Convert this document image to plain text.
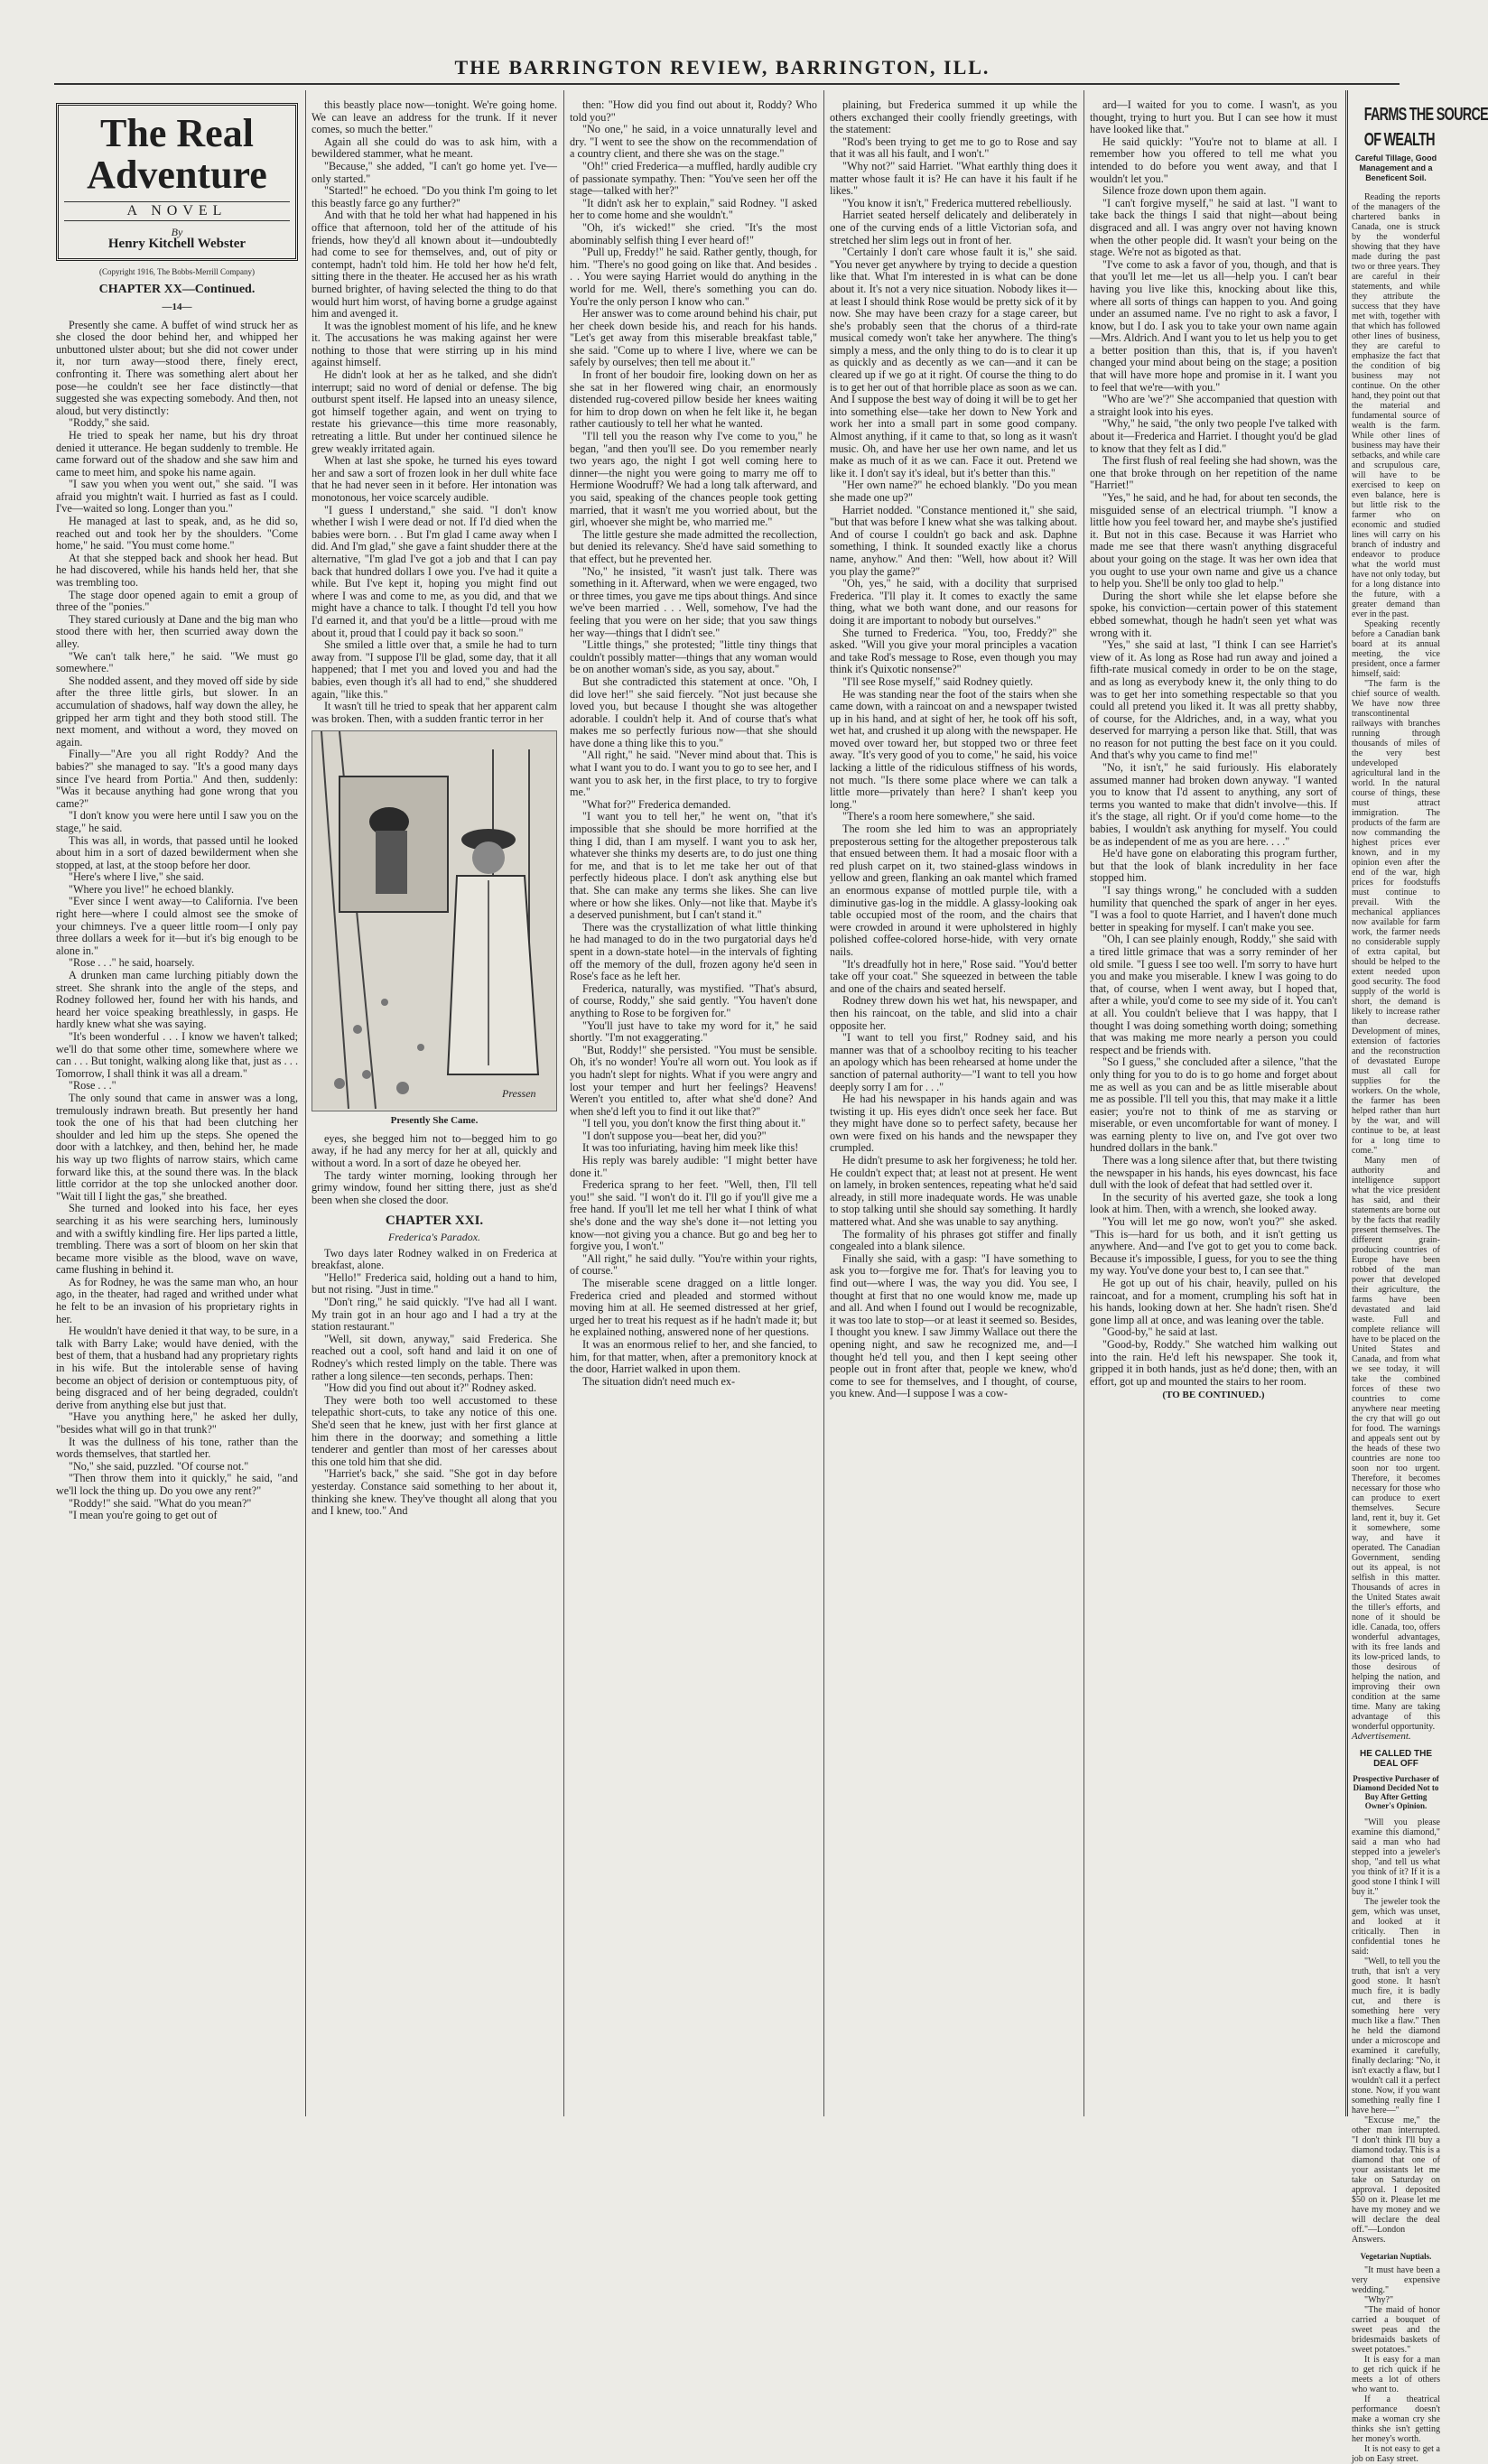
THE BARRINGTON REVIEW, BARRINGTON, ILL.
The Real
Adventure
A NOVEL
By
Henry Kitchell Webster
(Copyright 1916, The Bobbs-Merrill Company)
CHAPTER XX—Continued.
—14—

Presently she came. A buffet of wind struck her as she closed the door behind her, and whipped her unbuttoned ulster about; but she did not cower under it, nor turn away—stood there, finely erect, confronting it. There was something alert about her pose—he couldn't see her face distinctly—that suggested she was expecting somebody. And then, not aloud, but very distinctly:

"Roddy," she said.

He tried to speak her name, but his dry throat denied it utterance. He began suddenly to tremble. He came forward out of the shadow and she saw him and came to meet him, and spoke his name again.

"I saw you when you went out," she said. "I was afraid you mightn't wait. I hurried as fast as I could. I've—waited so long. Longer than you."

He managed at last to speak, and, as he did so, reached out and took her by the shoulders. "Come home," he said. "You must come home."

At that she stepped back and shook her head. But he had discovered, while his hands held her, that she was trembling too.

The stage door opened again to emit a group of three of the "ponies."

They stared curiously at Dane and the big man who stood there with her, then scurried away down the alley.

"We can't talk here," he said. "We must go somewhere."

She nodded assent, and they moved off side by side after the three little girls, but slower. In an accumulation of shadows, half way down the alley, he gripped her arm tight and they both stood still. The next moment, and without a word, they moved on again.

Finally—"Are you all right Roddy? And the babies?" she managed to say. "It's a good many days since I've heard from Portia." And then, suddenly: "Was it because anything had gone wrong that you came?"

"I don't know you were here until I saw you on the stage," he said.

This was all, in words, that passed until he looked about him in a sort of dazed bewilderment when she stopped, at last, at the stoop before her door.

"Here's where I live," she said.

"Where you live!" he echoed blankly.

"Ever since I went away—to California. I've been right here—where I could almost see the smoke of your chimneys. I've a queer little room—I only pay three dollars a week for it—but it's big enough to be alone in."

"Rose . . ." he said, hoarsely.

A drunken man came lurching pitiably down the street. She shrank into the angle of the steps, and Rodney followed her, found her with his hands, and heard her voice speaking breathlessly, in gasps. He hardly knew what she was saying.

"It's been wonderful . . . I know we haven't talked; we'll do that some other time, somewhere where we can . . . But tonight, walking along like that, just as . . . Tomorrow, I shall think it was all a dream."

"Rose . . ."

The only sound that came in answer was a long, tremulously indrawn breath. But presently her hand took the one of his that had been clutching her shoulder and led him up the steps. She opened the door with a latchkey, and then, behind her, he made his way up two flights of narrow stairs, which came forward like this, at the sound there was. In the black little corridor at the top she unlocked another door. "Wait till I light the gas," she breathed.

She turned and looked into his face, her eyes searching it as his were searching hers, luminously and with a swiftly kindling fire. Her lips parted a little, trembling. There was a sort of bloom on her skin that became more visible as the blood, wave on wave, came flushing in behind it.

As for Rodney, he was the same man who, an hour ago, in the theater, had raged and writhed under what he felt to be an invasion of his proprietary rights in her.

He wouldn't have denied it that way, to be sure, in a talk with Barry Lake; would have denied, with the best of them, that a husband had any proprietary rights in his wife. But the intolerable sense of having become an object of derision or contemptuous pity, of being disgraced and of her being degraded, couldn't derive from anything else but just that.

"Have you anything here," he asked her dully, "besides what will go in that trunk?"

It was the dullness of his tone, rather than the words themselves, that startled her.

"No," she said, puzzled. "Of course not."

"Then throw them into it quickly," he said, "and we'll lock the thing up. Do you owe any rent?"

"Roddy!" she said. "What do you mean?"

"I mean you're going to get out of

this beastly place now—tonight. We're going home. We can leave an address for the trunk. If it never comes, so much the better."

Again all she could do was to ask him, with a bewildered stammer, what he meant.

"Because," she added, "I can't go home yet. I've—only started."

"Started!" he echoed. "Do you think I'm going to let this beastly farce go any further?"

And with that he told her what had happened in his office that afternoon, told her of the attitude of his friends, how they'd all known about it—undoubtedly had come to see for themselves, and, out of pity or contempt, hadn't told him. He told her how he'd felt, sitting there in the theater. He accused her as his wrath burned brighter, of having selected the thing to do that would hurt him worst, of having borne a grudge against him and avenged it.

It was the ignoblest moment of his life, and he knew it. The accusations he was making against her were nothing to those that were stirring up in his mind against himself.

He didn't look at her as he talked, and she didn't interrupt; said no word of denial or defense. The big outburst spent itself. He lapsed into an uneasy silence, got himself together again, and went on trying to restate his grievance—this time more reasonably, retreating a little. But under her continued silence he grew weakly irritated again.

When at last she spoke, he turned his eyes toward her and saw a sort of frozen look in her dull white face that he had never seen in it before. Her intonation was monotonous, her voice scarcely audible.

"I guess I understand," she said. "I don't know whether I wish I were dead or not. If I'd died when the babies were born. . . But I'm glad I came away when I did. And I'm glad," she gave a faint shudder there at the alternative, "I'm glad I've got a job and that I can pay back that hundred dollars I owe you. I've had it quite a while. But I've kept it, hoping you might find out where I was and come to me, as you did, and that we might have a chance to talk. I thought I'd tell you how I'd earned it, and that you'd be a little—proud with me about it, proud that I could pay it back so soon."

She smiled a little over that, a smile he had to turn away from. "I suppose I'll be glad, some day, that it all happened; that I met you and loved you and had the babies, even though it's all had to end," she shuddered again, "like this."

It wasn't till he tried to speak that her apparent calm was broken. Then, with a sudden frantic terror in her

Pressen
Presently She Came.

eyes, she begged him not to—begged him to go away, if he had any mercy for her at all, quickly and without a word. In a sort of daze he obeyed her.

The tardy winter morning, looking through her grimy window, found her sitting there, just as she'd been when she closed the door.

CHAPTER XXI.
Frederica's Paradox.

Two days later Rodney walked in on Frederica at breakfast, alone.

"Hello!" Frederica said, holding out a hand to him, but not rising. "Just in time."

"Don't ring," he said quickly. "I've had all I want. My train got in an hour ago and I had a try at the station restaurant."

"Well, sit down, anyway," said Frederica. She reached out a cool, soft hand and laid it on one of Rodney's which rested limply on the table. There was rather a long silence—ten seconds, perhaps. Then:

"How did you find out about it?" Rodney asked.

They were both too well accustomed to these telepathic short-cuts, to take any notice of this one. She'd seen that he knew, just with her first glance at him there in the doorway; and something a little tenderer and gentler than most of her caresses about this one told him that she did.

"Harriet's back," she said. "She got in day before yesterday. Constance said something to her about it, thinking she knew. They've thought all along that you and I knew, too." And

then: "How did you find out about it, Roddy? Who told you?"

"No one," he said, in a voice unnaturally level and dry. "I went to see the show on the recommendation of a country client, and there she was on the stage."

"Oh!" cried Frederica—a muffled, hardly audible cry of passionate sympathy. Then: "You've seen her off the stage—talked with her?"

"It didn't ask her to explain," said Rodney. "I asked her to come home and she wouldn't."

"Oh, it's wicked!" she cried. "It's the most abominably selfish thing I ever heard of!"

"Pull up, Freddy!" he said. Rather gently, though, for him. "There's no good going on like that. And besides . . . You were saying Harriet would do anything in the world for me. Well, there's something you can do. You're the only person I know who can."

Her answer was to come around behind his chair, put her cheek down beside his, and reach for his hands. "Let's get away from this miserable breakfast table," she said. "Come up to where I live, where we can be safely by ourselves; then tell me about it."

In front of her boudoir fire, looking down on her as she sat in her flowered wing chair, an enormously distended rug-covered pillow beside her knees waiting for him to drop down on when he felt like it, he began rather cautiously to tell her what he wanted.

"I'll tell you the reason why I've come to you," he began, "and then you'll see. Do you remember nearly two years ago, the night I got well coming here to dinner—the night you were going to marry me off to Hermione Woodruff? We had a long talk afterward, and you said, speaking of the chances people took getting married, that it wasn't me you worried about, but the girl, whoever she might be, who married me."

The little gesture she made admitted the recollection, but denied its relevancy. She'd have said something to that effect, but he prevented her.

"No," he insisted, "it wasn't just talk. There was something in it. Afterward, when we were engaged, two or three times, you gave me tips about things. And since we've been married . . . Well, somehow, I've had the feeling that you were on her side; that you saw things her way—things that I didn't see."

"Little things," she protested; "little tiny things that couldn't possibly matter—things that any woman would be on another woman's side, as you say, about."

But she contradicted this statement at once. "Oh, I did love her!" she said fiercely. "Not just because she loved you, but because I thought she was altogether adorable. I couldn't help it. And of course that's what makes me so perfectly furious now—that she should have done a thing like this to you."

"All right," he said. "Never mind about that. This is what I want you to do. I want you to go to see her, and I want you to ask her, in the first place, to try to forgive me."

"What for?" Frederica demanded.

"I want you to tell her," he went on, "that it's impossible that she should be more horrified at the thing I did, than I am myself. I want you to ask her, whatever she thinks my deserts are, to do just one thing for me, and that is to let me take her out of that perfectly hideous place. I don't ask anything else but that. She can make any terms she likes. She can live where or how she likes. Only—not like that. Maybe it's a deserved punishment, but I can't stand it."

There was the crystallization of what little thinking he had managed to do in the two purgatorial days he'd spent in a down-state hotel—in the intervals of fighting off the memory of the dull, frozen agony he'd seen in Rose's face as he left her.

Frederica, naturally, was mystified. "That's absurd, of course, Roddy," she said gently. "You haven't done anything to Rose to be forgiven for."

"You'll just have to take my word for it," he said shortly. "I'm not exaggerating."

"But, Roddy!" she persisted. "You must be sensible. Oh, it's no wonder! You're all worn out. You look as if you hadn't slept for nights. What if you were angry and lost your temper and hurt her feelings? Heavens! Weren't you entitled to, after what she'd done? And when she'd left you to find it out like that?"

"I tell you, you don't know the first thing about it."

"I don't suppose you—beat her, did you?"

It was too infuriating, having him meek like this!

His reply was barely audible: "I might better have done it."

Frederica sprang to her feet. "Well, then, I'll tell you!" she said. "I won't do it. I'll go if you'll give me a free hand. If you'll let me tell her what I think of what she's done and the way she's done it—not letting you know—not giving you a chance. But go and beg her to forgive you, I won't."

"All right," he said dully. "You're within your rights, of course."

The miserable scene dragged on a little longer. Frederica cried and pleaded and stormed without moving him at all. He seemed distressed at her grief, urged her to treat his request as if he hadn't made it; but he explained nothing, answered none of her questions.

It was an enormous relief to her, and she fancied, to him, for that matter, when, after a premonitory knock at the door, Harriet walked in upon them.

The situation didn't need much ex-

plaining, but Frederica summed it up while the others exchanged their coolly friendly greetings, with the statement:

"Rod's been trying to get me to go to Rose and say that it was all his fault, and I won't."

"Why not?" said Harriet. "What earthly thing does it matter whose fault it is? He can have it his fault if he likes."

"You know it isn't," Frederica muttered rebelliously.

Harriet seated herself delicately and deliberately in one of the curving ends of a little Victorian sofa, and stretched her slim legs out in front of her.

"Certainly I don't care whose fault it is," she said. "You never get anywhere by trying to decide a question like that. What I'm interested in is what can be done about it. It's not a very nice situation. Nobody likes it—at least I should think Rose would be pretty sick of it by now. She may have been crazy for a stage career, but she's probably seen that the chorus of a third-rate musical comedy won't take her anywhere. The thing's simply a mess, and the only thing to do is to clear it up as quickly and as decently as we can—and it can be cleared up if we go at it right. Of course the thing to do is to get her out of that horrible place as soon as we can. And I suppose the best way of doing it will be to get her into something else—take her down to New York and work her into a small part in some good company. Almost anything, if it came to that, so long as it wasn't music. Oh, and have her use her own name, and let us make as much of it as we can. Face it out. Pretend we like it. I don't say it's ideal, but it's better than this."

"Her own name?" he echoed blankly. "Do you mean she made one up?"

Harriet nodded. "Constance mentioned it," she said, "but that was before I knew what she was talking about. And of course I couldn't go back and ask. Daphne something, I think. It sounded exactly like a chorus name, anyhow." And then: "Well, how about it? Will you play the game?"

"Oh, yes," he said, with a docility that surprised Frederica. "I'll play it. It comes to exactly the same thing, what we both want done, and our reasons for doing it are important to nobody but ourselves."

She turned to Frederica. "You, too, Freddy?" she asked. "Will you give your moral principles a vacation and take Rod's message to Rose, even though you may think it's Quixotic nonsense?"

"I'll see Rose myself," said Rodney quietly.

He was standing near the foot of the stairs when she came down, with a raincoat on and a newspaper twisted up in his hand, and at sight of her, he took off his soft, wet hat, and crushed it up along with the newspaper. He moved over toward her, but stopped two or three feet away. "It's very good of you to come," he said, his voice lacking a little of the ridiculous stiffness of his words, not much. "Is there some place where we can talk a little more—privately than here? I shan't keep you long."

"There's a room here somewhere," she said.

The room she led him to was an appropriately preposterous setting for the altogether preposterous talk that ensued between them. It had a mosaic floor with a red plush carpet on it, two stained-glass windows in yellow and green, flanking an oak mantel which framed an enormous expanse of mottled purple tile, with a diminutive gas-log in the middle. A glassy-looking oak table occupied most of the room, and the chairs that were crowded in around it were upholstered in highly polished coffee-colored horse-hide, with very ornate nails.

"It's dreadfully hot in here," Rose said. "You'd better take off your coat." She squeezed in between the table and one of the chairs and seated herself.

Rodney threw down his wet hat, his newspaper, and then his raincoat, on the table, and slid into a chair opposite her.

"I want to tell you first," Rodney said, and his manner was that of a schoolboy reciting to his teacher an apology which has been rehearsed at home under the sanction of paternal authority—"I want to tell you how deeply sorry I am for . . ."

He had his newspaper in his hands again and was twisting it up. His eyes didn't once seek her face. But they might have done so to perfect safety, because her own were fixed on his hands and the newspaper they crumpled.

He didn't presume to ask her forgiveness; he told her. He couldn't expect that; at least not at present. He went on lamely, in broken sentences, repeating what he'd said already, in still more inadequate words. He was unable to stop talking until she should say something. It hardly mattered what. And she was unable to say anything.

The formality of his phrases got stiffer and finally congealed into a blank silence.

Finally she said, with a gasp: "I have something to ask you to—forgive me for. That's for leaving you to find out—where I was, the way you did. You see, I thought at first that no one would know me, made up and all. And when I found out I would be recognizable, it was too late to stop—or at least it seemed so. Besides, I thought you knew. I saw Jimmy Wallace out there the opening night, and saw he recognized me, and—I thought he'd tell you, and then I kept seeing other people out in front after that, people we knew, who'd come to see for themselves, and I thought, of course, you knew. And—I suppose I was a cow-

ard—I waited for you to come. I wasn't, as you thought, trying to hurt you. But I can see how it must have looked like that."

He said quickly: "You're not to blame at all. I remember how you offered to tell me what you intended to do before you went away, and that I wouldn't let you."

Silence froze down upon them again.

"I can't forgive myself," he said at last. "I want to take back the things I said that night—about being disgraced and all. I was angry over not having known when the other people did. It wasn't your being on the stage. We're not as bigoted as that.

"I've come to ask a favor of you, though, and that is that you'll let me—let us all—help you. I can't bear having you live like this, knocking about like this, where all sorts of things can happen to you. And going under an assumed name. I've no right to ask a favor, I know, but I do. I ask you to take your own name again—Mrs. Aldrich. And I want you to let us help you to get a better position than this, that is, if you haven't changed your mind about being on the stage; a position that will have more hope and promise in it. I want you to feel that we're—with you."

"Who are 'we'?" She accompanied that question with a straight look into his eyes.

"Why," he said, "the only two people I've talked with about it—Frederica and Harriet. I thought you'd be glad to know that they felt as I did."

The first flush of real feeling she had shown, was the one that broke through on her repetition of the name "Harriet!"

"Yes," he said, and he had, for about ten seconds, the misguided sense of an electrical triumph. "I know a little how you feel toward her, and maybe she's justified it. But not in this case. Because it was Harriet who made me see that there wasn't anything disgraceful about your going on the stage. It was her own idea that you ought to use your own name and give us a chance to help you. She'll be only too glad to help."

During the short while she let elapse before she spoke, his conviction—certain power of this statement ebbed somewhat, though he hadn't seen yet what was wrong with it.

"Yes," she said at last, "I think I can see Harriet's view of it. As long as Rose had run away and joined a fifth-rate musical comedy in order to be on the stage, and as long as everybody knew it, the only thing to do was to get her into something respectable so that you could all pretend you liked it. It was all pretty shabby, of course, for the Aldriches, and, in a way, what you deserved for marrying a person like that. Still, that was no reason for not putting the best face on it you could. And that's why you came to find me!"

"No, it isn't," he said furiously. His elaborately assumed manner had broken down anyway. "I wanted you to know that I'd assent to anything, any sort of terms you wanted to make that didn't involve—this. If it's the stage, all right. Or if you'd come home—to the babies, I wouldn't ask anything for myself. You could be as independent of me as you are here. . . ."

He'd have gone on elaborating this program further, but that the look of blank incredulity in her face stopped him.

"I say things wrong," he concluded with a sudden humility that quenched the spark of anger in her eyes. "I was a fool to quote Harriet, and I haven't done much better in speaking for myself. I can't make you see.

"Oh, I can see plainly enough, Roddy," she said with a tired little grimace that was a sorry reminder of her old smile. "I guess I see too well. I'm sorry to have hurt you and make you miserable. I knew I was going to do that, of course, when I went away, but I hoped that, after a while, you'd come to see my side of it. You can't at all. You couldn't believe that I was happy, that I thought I was doing something worth doing; something that was making me more nearly a person you could respect and be friends with.

"So I guess," she concluded after a silence, "that the only thing for you to do is to go home and forget about me as well as you can and be as little miserable about me as possible. I'll tell you this, that may make it a little easier; you're not to think of me as starving or miserable, or even uncomfortable for want of money. I was earning plenty to live on, and I've got over two hundred dollars in the bank."

There was a long silence after that, but there twisting the newspaper in his hands, his eyes downcast, his face dull with the look of defeat that had settled over it.

In the security of his averted gaze, she took a long look at him. Then, with a wrench, she looked away.

"You will let me go now, won't you?" she asked. "This is—hard for us both, and it isn't getting us anywhere. And—and I've got to get you to come back. Because it's impossible, I guess, for you to see the thing my way. You've done your best to, I can see that."

He got up out of his chair, heavily, pulled on his raincoat, and for a moment, crumpling his soft hat in his hands, looking down at her. She hadn't risen. She'd gone limp all at once, and was leaning over the table.

"Good-by," he said at last.

"Good-by, Roddy." She watched him walking out into the rain. He'd left his newspaper. She took it, gripped it in both hands, just as he'd done; then, with an effort, got up and mounted the stairs to her room.

(TO BE CONTINUED.)
FARMS THE SOURCE
OF WEALTH
Careful Tillage, Good Management and a Beneficent Soil.

Reading the reports of the managers of the chartered banks in Canada, one is struck by the wonderful showing that they have made during the past two or three years. They are careful in their statements, and while they attribute the success that they have met with, together with that which has followed other lines of business, they are careful to emphasize the fact that the condition of big business may not continue. On the other hand, they point out that the material and fundamental source of wealth is the farm. While other lines of business may have their setbacks, and while care and scrupulous care, will have to be exercised to keep on even balance, here is but little risk to the farmer who on economic and studied lines will carry on his branch of industry and endeavor to produce what the world must have not only today, but for a long distance into the future, with a greater demand than ever in the past.

Speaking recently before a Canadian bank board at its annual meeting, the vice president, once a farmer himself, said:

"The farm is the chief source of wealth. We have now three transcontinental railways with branches running through thousands of miles of the very best undeveloped agricultural land in the world. In the natural course of things, these must attract immigration. The products of the farm are now commanding the highest prices ever known, and in my opinion even after the end of the war, high prices for foodstuffs must continue to prevail. With the mechanical appliances now available for farm work, the farmer needs no considerable supply of extra capital, but should be helped to the extent needed upon good security. The food supply of the world is short, the demand is likely to increase rather than decrease. Development of mines, extension of factories and the reconstruction of devastated Europe must all call for supplies for the workers. On the whole, the farmer has been helped rather than hurt by the war, and will continue to be, at least for a long time to come."

Many men of authority and intelligence support what the vice president has said, and their statements are borne out by the facts that readily present themselves. The different grain-producing countries of Europe have been robbed of the man power that developed their agriculture, the farms have been devastated and laid waste. Full and complete reliance will have to be placed on the United States and Canada, and from what we see today, it will take the combined forces of these two countries to come anywhere near meeting the cry that will go out for food. The warnings and appeals sent out by the heads of these two countries are none too soon nor too urgent. Therefore, it becomes necessary for those who can produce to exert themselves. Secure land, rent it, buy it. Get it somewhere, some way, and have it operated. The Canadian Government, sending out its appeal, is not selfish in this matter. Thousands of acres in the United States await the tiller's efforts, and none of it should be idle. Canada, too, offers wonderful advantages, with its free lands and its low-priced lands, to those desirous of helping the nation, and improving their own condition at the same time. Many are taking advantage of this wonderful opportunity.

Advertisement.
HE CALLED THE DEAL OFF
Prospective Purchaser of Diamond Decided Not to Buy After Getting Owner's Opinion.

"Will you please examine this diamond," said a man who had stepped into a jeweler's shop, "and tell us what you think of it? If it is a good stone I think I will buy it."

The jeweler took the gem, which was unset, and looked at it critically. Then in confidential tones he said:

"Well, to tell you the truth, that isn't a very good stone. It hasn't much fire, it is badly cut, and there is something here very much like a flaw." Then he held the diamond under a microscope and examined it carefully, finally declaring: "No, it isn't exactly a flaw, but I wouldn't call it a perfect stone. Now, if you want something really fine I have here—"

"Excuse me," the other man interrupted. "I don't think I'll buy a diamond today. This is a diamond that one of your assistants let me take on Saturday on approval. I deposited $50 on it. Please let me have my money and we will declare the deal off."—London Answers.

Vegetarian Nuptials.

"It must have been a very expensive wedding."

"Why?"

"The maid of honor carried a bouquet of sweet peas and the bridesmaids baskets of sweet potatoes."

It is easy for a man to get rich quick if he meets a lot of others who want to.

If a theatrical performance doesn't make a woman cry she thinks she isn't getting her money's worth.

It is not easy to get a job on Easy street.
